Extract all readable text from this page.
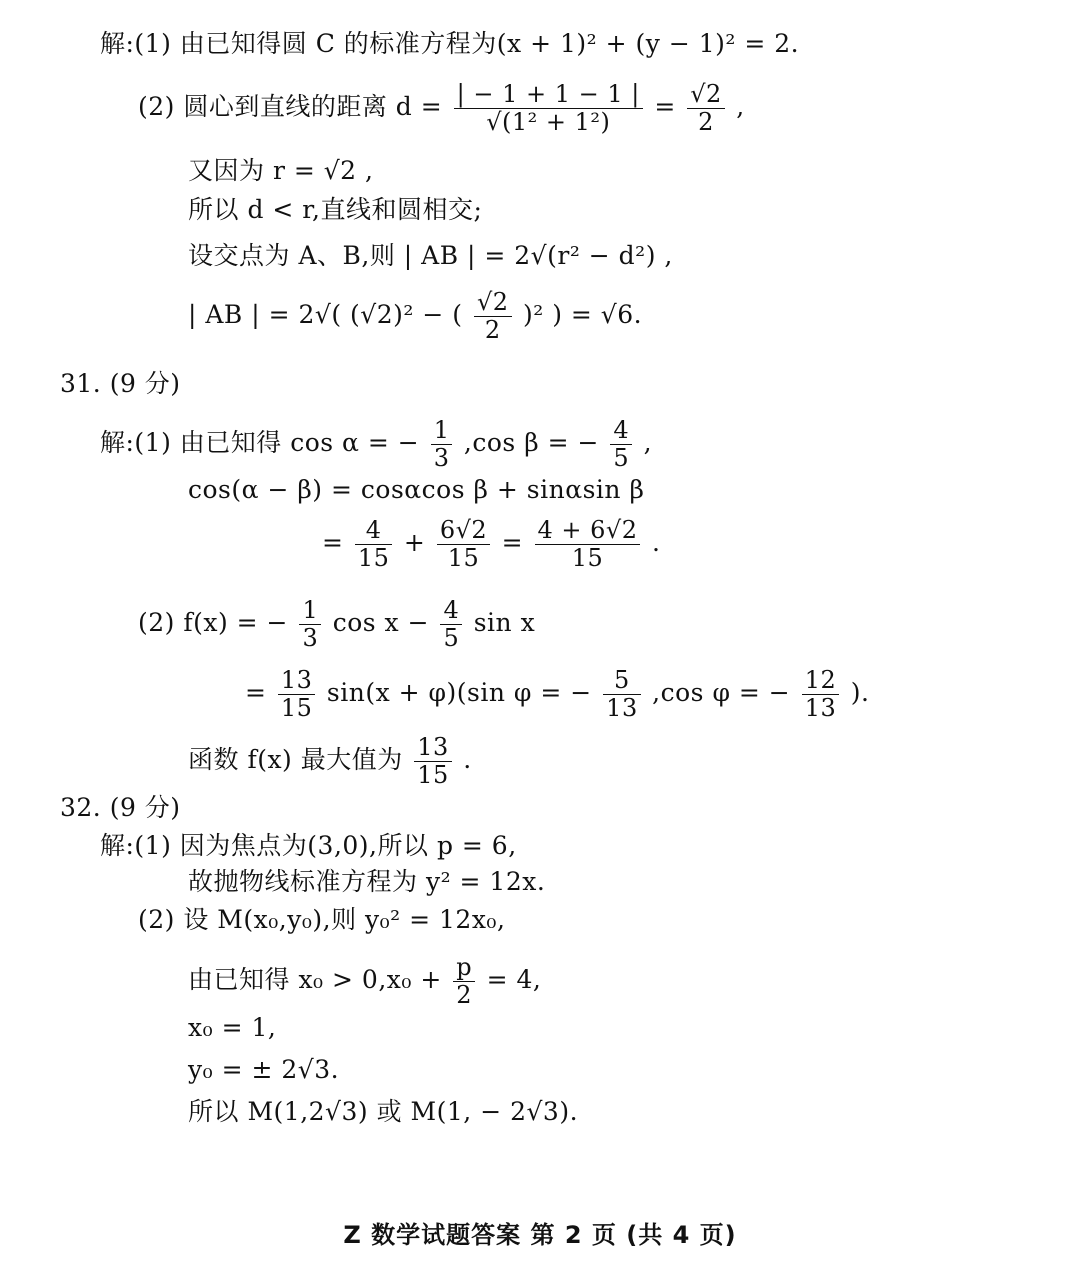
解:(1) 由已知得圆 C 的标准方程为(x + 1)² + (y − 1)² = 2.
(2) 圆心到直线的距离 $d = \frac{| - 1 + 1 - 1 |}{\text{√(1² + 1²)}} = \frac{√2}{2}$ ,
又因为 r = √2 ,
所以 d < r,直线和圆相交;
设交点为 A、B,则 | AB | = 2√(r² − d²) ,
| AB | = 2√( (√2)² − ( $\frac{√2}{2} )^2$ ) = √6.
31. (9 分)
解:(1) 由已知得 cos α = − $\frac{1}{3} ,\cos$ β = − $\frac{4}{5}$ ,
cos(α − β) = cosαcos β + sinαsin β
= $\frac{4}{15} + \frac{6√2}{15} = \frac{4 + 6√2}{15}$ .
(2) f(x) = − $\frac{1}{3}$ $\cos x - \frac{4}{5}$ sin x
= $\frac{13}{15} \sin(x + \varphi)(\sin$ φ = − $\frac{5}{13} ,\cos$ φ = − $\frac{12}{13}$ ).
函数 f(x) 最大值为 $\frac{13}{15}$ .
32. (9 分)
解:(1) 因为焦点为(3,0),所以 p = 6,
故抛物线标准方程为 y² = 12x.
(2) 设 M(x₀,y₀),则 y₀² = 12x₀,
由已知得 $x_0 > 0,x_0 + \frac{p}{2} = 4$,
x₀ = 1,
y₀ = ± 2√3.
所以 M(1,2√3) 或 M(1, − 2√3).
Z 数学试题答案 第 2 页 (共 4 页)
